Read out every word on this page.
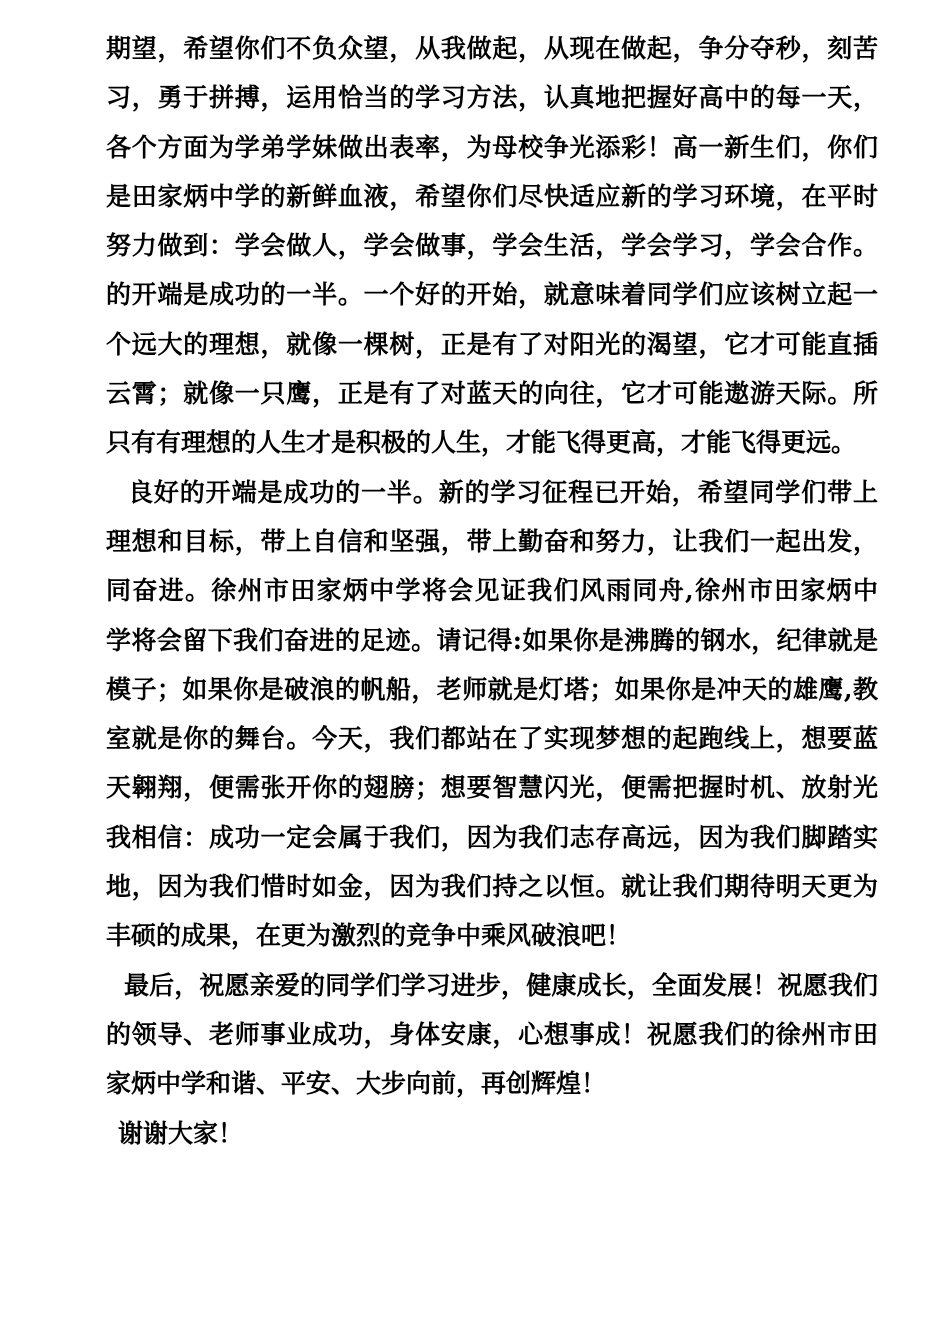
期望，希望你们不负众望，从我做起，从现在做起，争分夺秒，刻苦
习，勇于拼搏，运用恰当的学习方法，认真地把握好高中的每一天，
各个方面为学弟学妹做出表率，为母校争光添彩！高一新生们，你们
是田家炳中学的新鲜血液，希望你们尽快适应新的学习环境，在平时
努力做到：学会做人，学会做事，学会生活，学会学习，学会合作。
的开端是成功的一半。一个好的开始，就意味着同学们应该树立起一
个远大的理想，就像一棵树，正是有了对阳光的渴望，它才可能直插
云霄；就像一只鹰，正是有了对蓝天的向往，它才可能遨游天际。所
只有有理想的人生才是积极的人生，才能飞得更高，才能飞得更远。
良好的开端是成功的一半。新的学习征程已开始，希望同学们带上
理想和目标，带上自信和坚强，带上勤奋和努力，让我们一起出发，
同奋进。徐州市田家炳中学将会见证我们风雨同舟,徐州市田家炳中
学将会留下我们奋进的足迹。请记得:如果你是沸腾的钢水，纪律就是
模子；如果你是破浪的帆船，老师就是灯塔；如果你是冲天的雄鹰,教
室就是你的舞台。今天，我们都站在了实现梦想的起跑线上，想要蓝
天翱翔，便需张开你的翅膀；想要智慧闪光，便需把握时机、放射光
我相信：成功一定会属于我们，因为我们志存高远，因为我们脚踏实
地，因为我们惜时如金，因为我们持之以恒。就让我们期待明天更为
丰硕的成果，在更为激烈的竞争中乘风破浪吧！
最后，祝愿亲爱的同学们学习进步，健康成长，全面发展！祝愿我们
的领导、老师事业成功，身体安康，心想事成！祝愿我们的徐州市田
家炳中学和谐、平安、大步向前，再创辉煌！
谢谢大家！
